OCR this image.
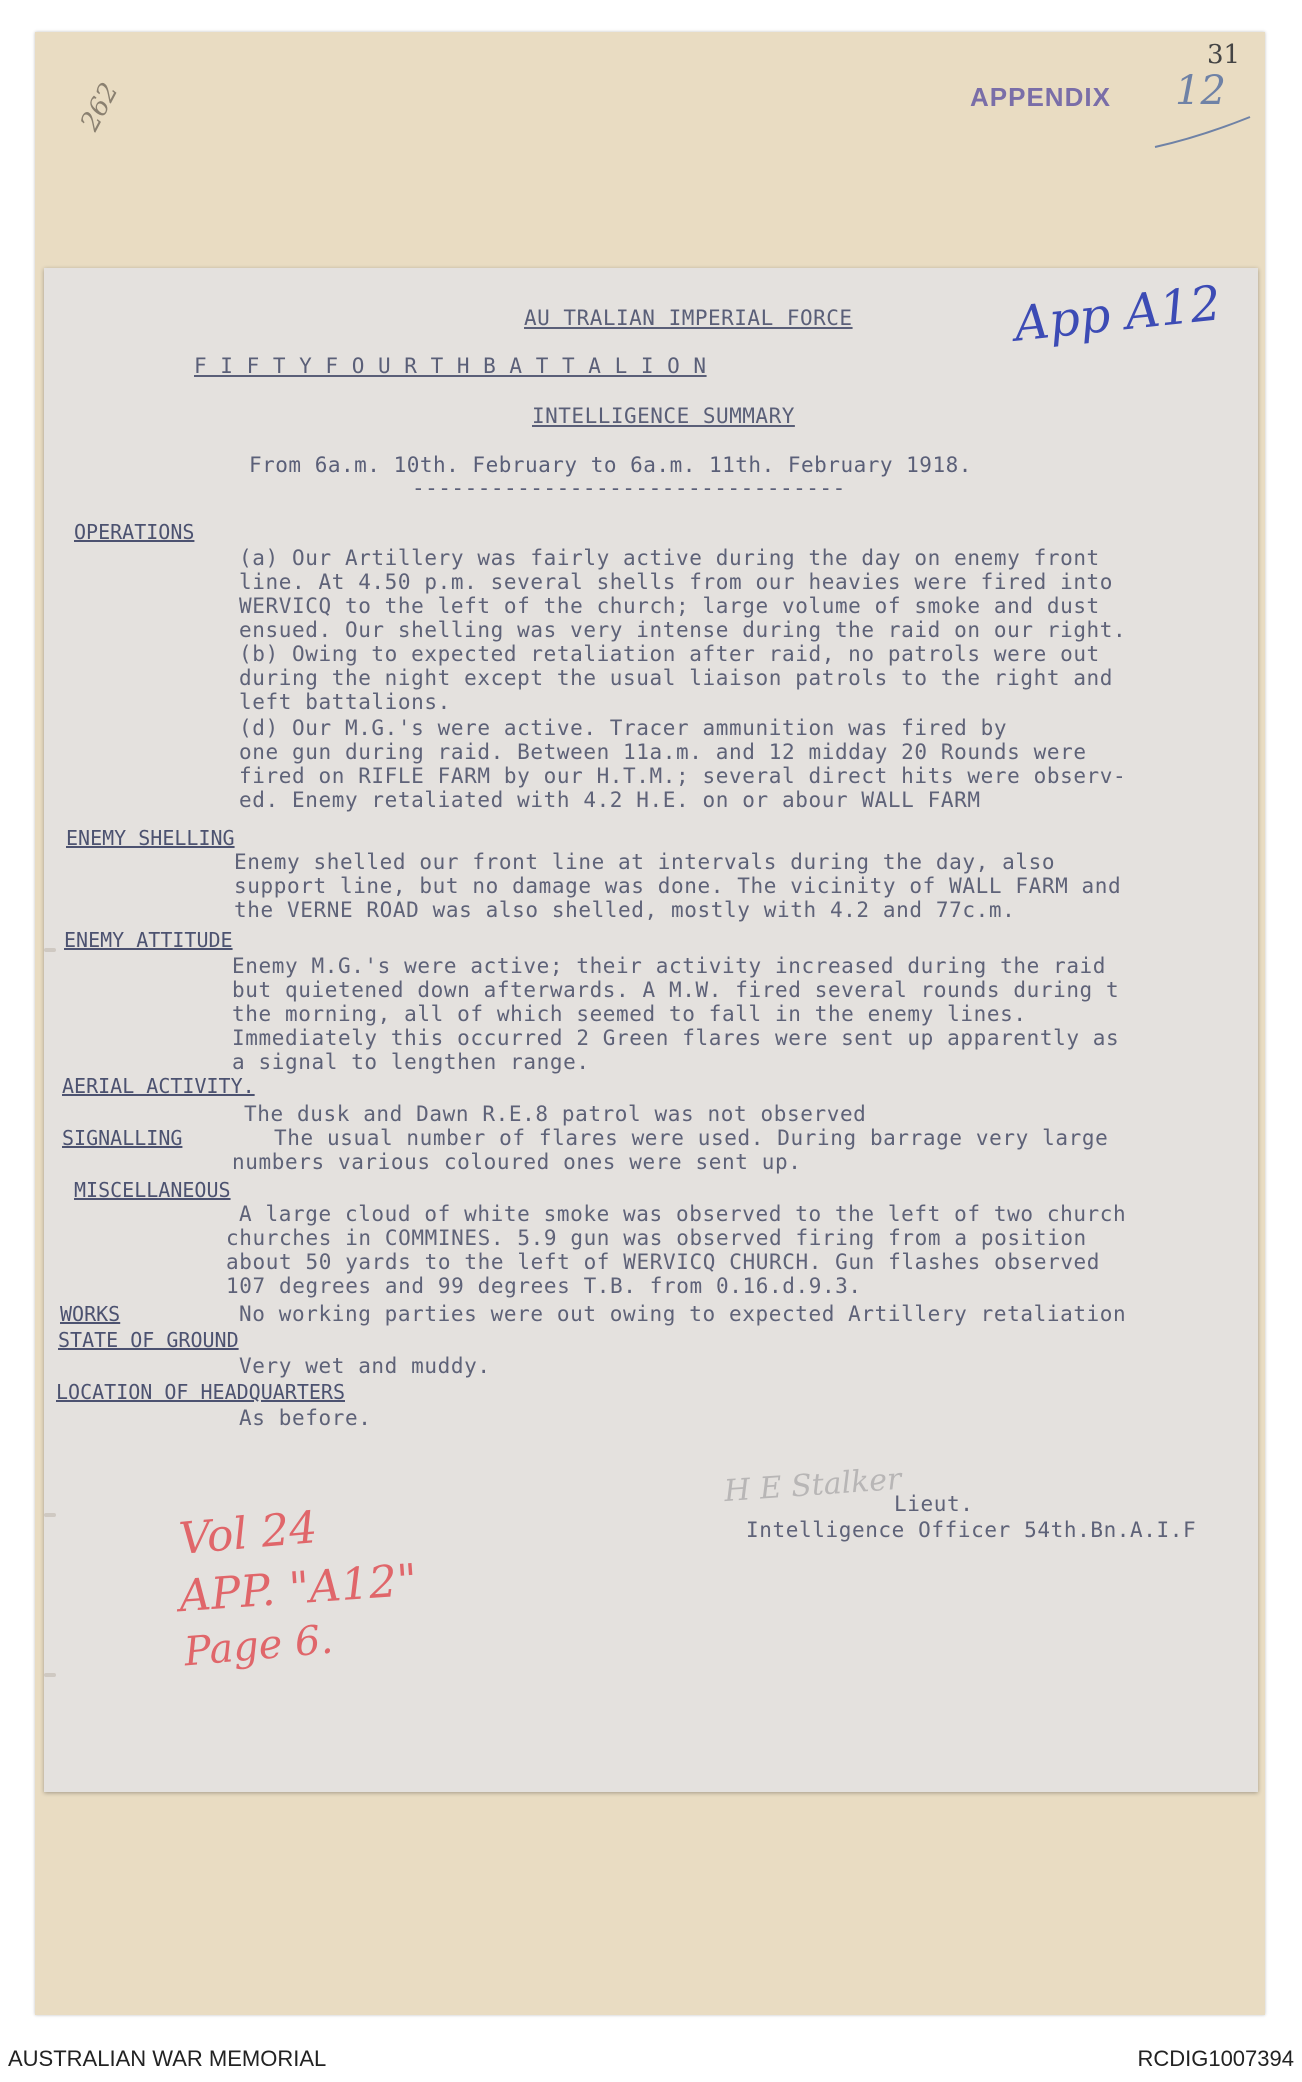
262	APPENDIX 12
31
AU TRALIAN IMPERIAL FORCE	App A12
F I F T Y F O U R T H B A T T A L I O N
INTELLIGENCE SUMMARY
From 6a.m. 10th. February to 6a.m. 11th. February 1918.
---------------------------------
OPERATIONS
(a) Our Artillery was fairly active during the day on enemy front
line. At 4.50 p.m. several shells from our heavies were fired into
WERVICQ to the left of the church; large volume of smoke and dust
ensued. Our shelling was very intense during the raid on our right.
(b) Owing to expected retaliation after raid, no patrols were out
during the night except the usual liaison patrols to the right and
left battalions.
(d) Our M.G.'s were active. Tracer ammunition was fired by
one gun during raid. Between 11a.m. and 12 midday 20 Rounds were
fired on RIFLE FARM by our H.T.M.; several direct hits were observ-
ed. Enemy retaliated with 4.2 H.E. on or abour WALL FARM
ENEMY SHELLING
Enemy shelled our front line at intervals during the day, also
support line, but no damage was done. The vicinity of WALL FARM and
the VERNE ROAD was also shelled, mostly with 4.2 and 77c.m.
ENEMY ATTITUDE
Enemy M.G.'s were active; their activity increased during the raid
but quietened down afterwards. A M.W. fired several rounds during t
the morning, all of which seemed to fall in the enemy lines.
Immediately this occurred 2 Green flares were sent up apparently as
a signal to lengthen range.
AERIAL ACTIVITY.
The dusk and Dawn R.E.8 patrol was not observed
SIGNALLING	The usual number of flares were used. During barrage very large
numbers various coloured ones were sent up.
MISCELLANEOUS
A large cloud of white smoke was observed to the left of two church
churches in COMMINES. 5.9 gun was observed firing from a position
about 50 yards to the left of WERVICQ CHURCH. Gun flashes observed
107 degrees and 99 degrees T.B. from 0.16.d.9.3.
WORKS	No working parties were out owing to expected Artillery retaliation
STATE OF GROUND
Very wet and muddy.
LOCATION OF HEADQUARTERS
As before.
H E Stalker
Lieut.
Intelligence Officer 54th.Bn.A.I.F
Vol 24
APP. "A12"
Page 6.
AUSTRALIAN WAR MEMORIAL	RCDIG1007394
